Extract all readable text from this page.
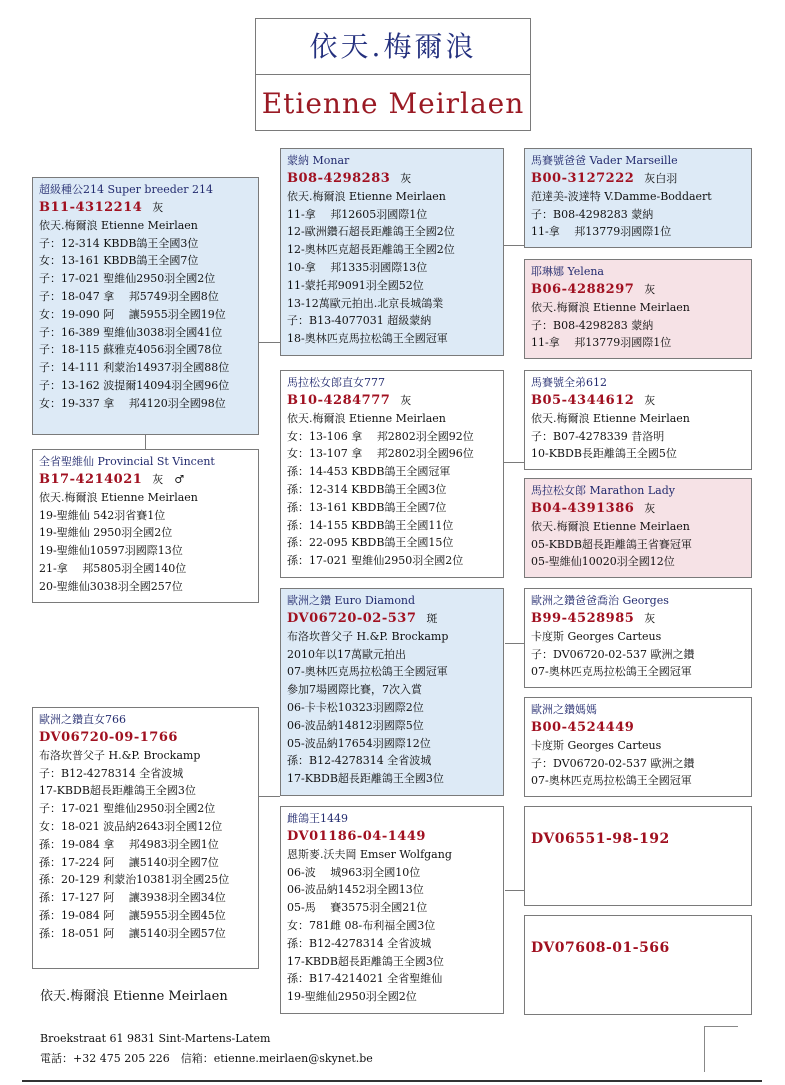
依天.梅爾浪
Etienne Meirlaen
超級種公214 Super breeder 214
B11-4312214 灰
依天.梅爾浪 Etienne Meirlaen
子：12-314 KBDB鴿王全國3位
女：13-161 KBDB鴿王全國7位
子：17-021 聖維仙2950羽全國2位
子：18-047 拿　 邦5749羽全國8位
女：19-090 阿　 讓5955羽全國19位
子：16-389 聖維仙3038羽全國41位
子：18-115 蘇雅克4056羽全國78位
子：14-111 利蒙治14937羽全國88位
子：13-162 波提爾14094羽全國96位
女：19-337 拿　 邦4120羽全國98位
全省聖維仙 Provincial St Vincent
B17-4214021 灰　♂
依天.梅爾浪 Etienne Meirlaen
19-聖維仙 542羽省賽1位
19-聖維仙 2950羽全國2位
19-聖維仙10597羽國際13位
21-拿　 邦5805羽全國140位
20-聖維仙3038羽全國257位
歐洲之鑽直女766
DV06720-09-1766
布洛坎普父子 H.&P. Brockamp
子：B12-4278314 全省波城
17-KBDB超長距離鴿王全國3位
子：17-021 聖維仙2950羽全國2位
女：18-021 波品納2643羽全國12位
孫：19-084 拿　 邦4983羽全國1位
孫：17-224 阿　 讓5140羽全國7位
孫：20-129 利蒙治10381羽全國25位
孫：17-127 阿　 讓3938羽全國34位
孫：19-084 阿　 讓5955羽全國45位
孫：18-051 阿　 讓5140羽全國57位
蒙納 Monar
B08-4298283 灰
依天.梅爾浪 Etienne Meirlaen
11-拿　 邦12605羽國際1位
12-歐洲鑽石超長距離鴿王全國2位
12-奧林匹克超長距離鴿王全國2位
10-拿　 邦1335羽國際13位
11-蒙托邦9091羽全國52位
13-12萬歐元拍出.北京長城鴿業
子：B13-4077031 超級蒙納
18-奧林匹克馬拉松鴿王全國冠軍
馬拉松女郎直女777
B10-4284777 灰
依天.梅爾浪 Etienne Meirlaen
女：13-106 拿　 邦2802羽全國92位
女：13-107 拿　 邦2802羽全國96位
孫：14-453 KBDB鴿王全國冠軍
孫：12-314 KBDB鴿王全國3位
孫：13-161 KBDB鴿王全國7位
孫：14-155 KBDB鴿王全國11位
孫：22-095 KBDB鴿王全國15位
孫：17-021 聖維仙2950羽全國2位
歐洲之鑽 Euro Diamond
DV06720-02-537 斑
布洛坎普父子 H.&P. Brockamp
2010年以17萬歐元拍出
07-奧林匹克馬拉松鴿王全國冠軍
參加7場國際比賽，7次入賞
06-卡卡松10323羽國際2位
06-波品納14812羽國際5位
05-波品納17654羽國際12位
孫：B12-4278314 全省波城
17-KBDB超長距離鴿王全國3位
雌鴿王1449
DV01186-04-1449
恩斯麥.沃夫岡 Emser Wolfgang
06-波　 城963羽全國10位
06-波品納1452羽全國13位
05-馬　 賽3575羽全國21位
女：781雌 08-布利福全國3位
孫：B12-4278314 全省波城
17-KBDB超長距離鴿王全國3位
孫：B17-4214021 全省聖維仙
19-聖維仙2950羽全國2位
馬賽號爸爸 Vader Marseille
B00-3127222 灰白羽
范達美-波達特 V.Damme-Boddaert
子：B08-4298283 蒙納
11-拿　 邦13779羽國際1位
耶琳娜 Yelena
B06-4288297 灰
依天.梅爾浪 Etienne Meirlaen
子：B08-4298283 蒙納
11-拿　 邦13779羽國際1位
馬賽號全弟612
B05-4344612 灰
依天.梅爾浪 Etienne Meirlaen
子：B07-4278339 昔洛明
10-KBDB長距離鴿王全國5位
馬拉松女郎 Marathon Lady
B04-4391386 灰
依天.梅爾浪 Etienne Meirlaen
05-KBDB超長距離鴿王省賽冠軍
05-聖維仙10020羽全國12位
歐洲之鑽爸爸喬治 Georges
B99-4528985 灰
卡度斯 Georges Carteus
子：DV06720-02-537 歐洲之鑽
07-奧林匹克馬拉松鴿王全國冠軍
歐洲之鑽媽媽
B00-4524449
卡度斯 Georges Carteus
子：DV06720-02-537 歐洲之鑽
07-奧林匹克馬拉松鴿王全國冠軍
DV06551-98-192
DV07608-01-566
依天.梅爾浪 Etienne Meirlaen
Broekstraat 61 9831 Sint-Martens-Latem
電話：+32 475 205 226　信箱：etienne.meirlaen@skynet.be
